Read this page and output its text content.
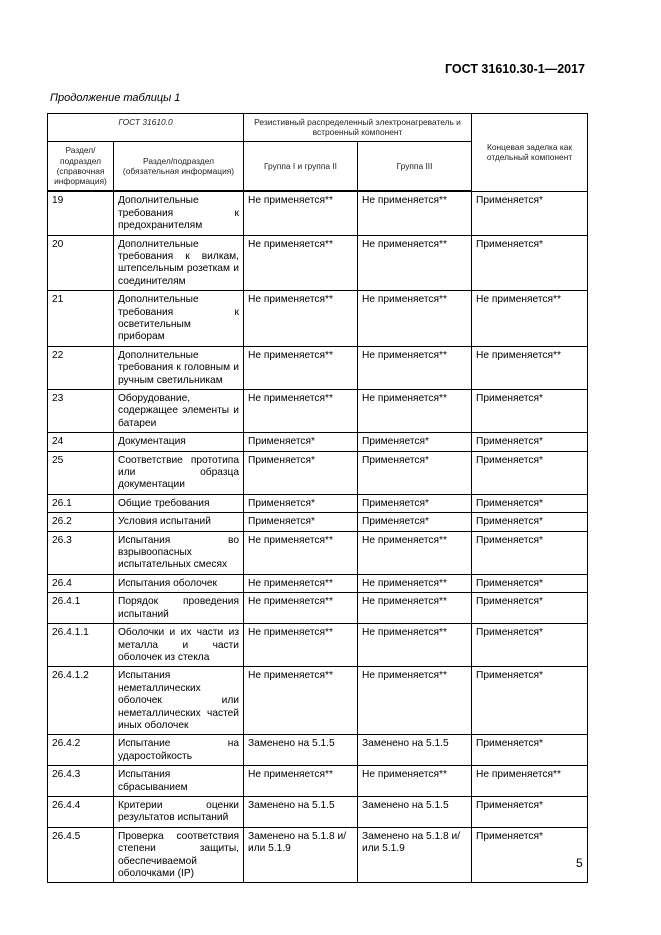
ГОСТ 31610.30-1—2017
Продолжение таблицы 1
ГОСТ 31610.0		Резистивный распределенный электронагреватель и встроенный компонент		Концевая заделка как отдельный компонент
Раздел/подраздел (справочная информация)	Раздел/подраздел (обязательная информация)	Группа I и группа II	Группа III	
19	Дополнительные требования к предохранителям	Не применяется**	Не применяется**	Применяется*
20	Дополнительные требования к вилкам, штепсельным розеткам и соединителям	Не применяется**	Не применяется**	Применяется*
21	Дополнительные требования к осветительным приборам	Не применяется**	Не применяется**	Не применяется**
22	Дополнительные требования к головным и ручным светильникам	Не применяется**	Не применяется**	Не применяется**
23	Оборудование, содержащее элементы и батареи	Не применяется**	Не применяется**	Применяется*
24	Документация	Применяется*	Применяется*	Применяется*
25	Соответствие прототипа или образца документации	Применяется*	Применяется*	Применяется*
26.1	Общие требования	Применяется*	Применяется*	Применяется*
26.2	Условия испытаний	Применяется*	Применяется*	Применяется*
26.3	Испытания во взрывоопасных испытательных смесях	Не применяется**	Не применяется**	Применяется*
26.4	Испытания оболочек	Не применяется**	Не применяется**	Применяется*
26.4.1	Порядок проведения испытаний	Не применяется**	Не применяется**	Применяется*
26.4.1.1	Оболочки и их части из металла и части оболочек из стекла	Не применяется**	Не применяется**	Применяется*
26.4.1.2	Испытания неметаллических оболочек или неметаллических частей иных оболочек	Не применяется**	Не применяется**	Применяется*
26.4.2	Испытание на ударостойкость	Заменено на 5.1.5	Заменено на 5.1.5	Применяется*
26.4.3	Испытания сбрасыванием	Не применяется**	Не применяется**	Не применяется**
26.4.4	Критерии оценки результатов испытаний	Заменено на 5.1.5	Заменено на 5.1.5	Применяется*
26.4.5	Проверка соответствия степени защиты, обеспечиваемой оболочками (IP)	Заменено на 5.1.8 и/или 5.1.9	Заменено на 5.1.8 и/или 5.1.9	Применяется*
5
